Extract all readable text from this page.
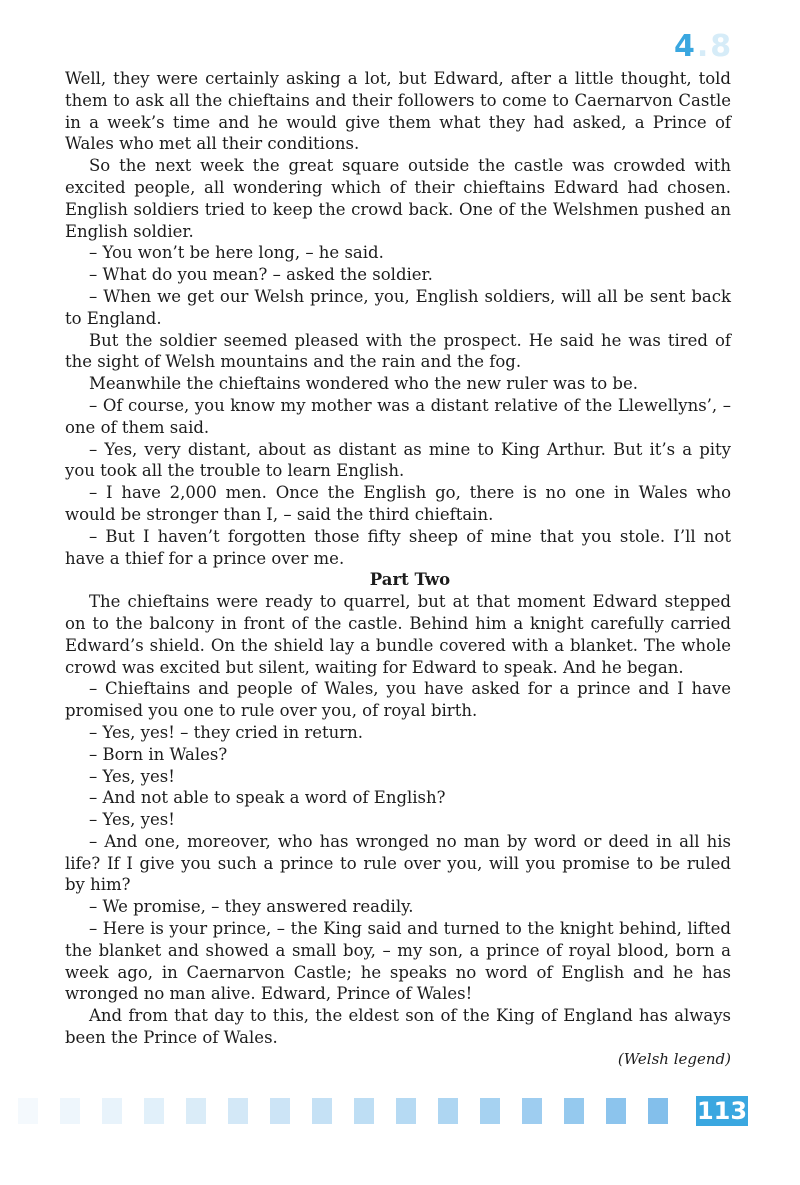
4.8

Well, they were certainly asking a lot, but Edward, after a little thought, told them to ask all the chieftains and their followers to come to Caernarvon Castle in a week’s time and he would give them what they had asked, a Prince of Wales who met all their conditions.

So the next week the great square outside the castle was crowded with excited people, all wondering which of their chieftains Edward had chosen. English soldiers tried to keep the crowd back. One of the Welshmen pushed an English soldier.

– You won’t be here long, – he said.

– What do you mean? – asked the soldier.

– When we get our Welsh prince, you, English soldiers, will all be sent back to England.

But the soldier seemed pleased with the prospect. He said he was tired of the sight of Welsh mountains and the rain and the fog.

Meanwhile the chieftains wondered who the new ruler was to be.

– Of course, you know my mother was a distant relative of the Llewellyns’, – one of them said.

– Yes, very distant, about as distant as mine to King Arthur. But it’s a pity you took all the trouble to learn English.

– I have 2,000 men. Once the English go, there is no one in Wales who would be stronger than I, – said the third chieftain.

– But I haven’t forgotten those fifty sheep of mine that you stole. I’ll not have a thief for a prince over me.

Part Two

The chieftains were ready to quarrel, but at that moment Edward stepped on to the balcony in front of the castle. Behind him a knight carefully carried Edward’s shield. On the shield lay a bundle covered with a blanket. The whole crowd was excited but silent, waiting for Edward to speak. And he began.

– Chieftains and people of Wales, you have asked for a prince and I have promised you one to rule over you, of royal birth.

– Yes, yes! – they cried in return.

– Born in Wales?

– Yes, yes!

– And not able to speak a word of English?

– Yes, yes!

– And one, moreover, who has wronged no man by word or deed in all his life? If I give you such a prince to rule over you, will you promise to be ruled by him?

– We promise, – they answered readily.

– Here is your prince, – the King said and turned to the knight behind, lifted the blanket and showed a small boy, – my son, a prince of royal blood, born a week ago, in Caernarvon Castle; he speaks no word of English and he has wronged no man alive. Edward, Prince of Wales!

And from that day to this, the eldest son of the King of England has always been the Prince of Wales.

(Welsh legend)

113
